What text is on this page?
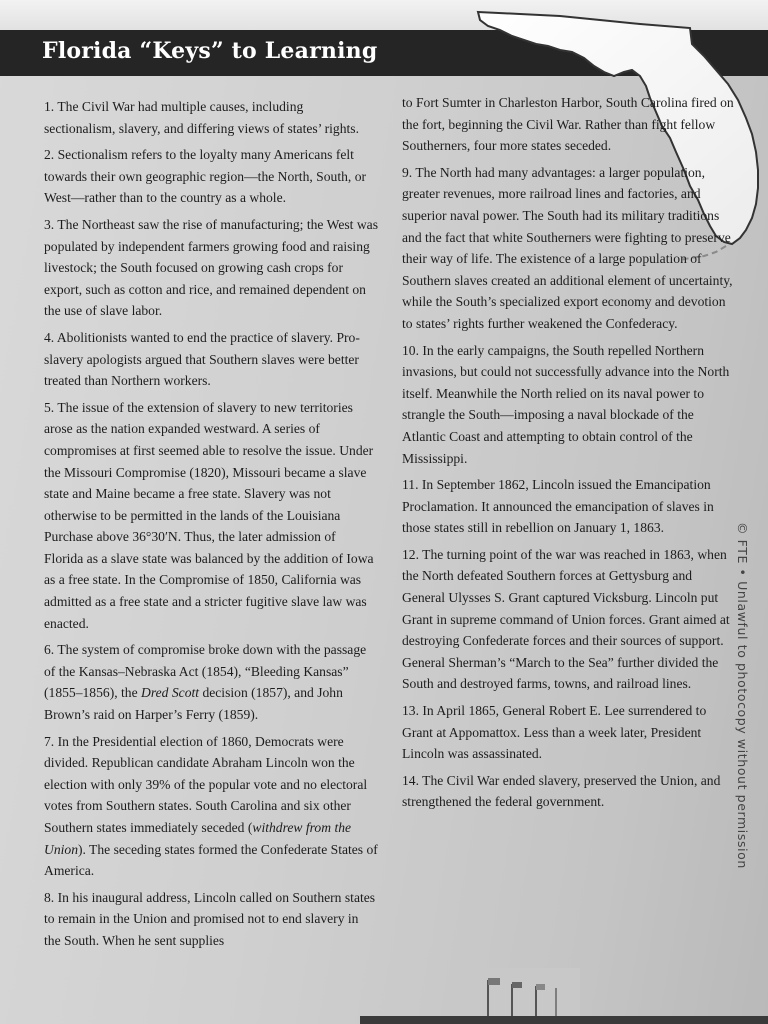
Florida “Keys” to Learning

1. The Civil War had multiple causes, including sectionalism, slavery, and differing views of states’ rights.

2. Sectionalism refers to the loyalty many Americans felt towards their own geographic region—the North, South, or West—rather than to the country as a whole.

3. The Northeast saw the rise of manufacturing; the West was populated by independent farmers growing food and raising livestock; the South focused on growing cash crops for export, such as cotton and rice, and remained dependent on the use of slave labor.

4. Abolitionists wanted to end the practice of slavery. Pro-slavery apologists argued that Southern slaves were better treated than Northern workers.

5. The issue of the extension of slavery to new territories arose as the nation expanded westward. A series of compromises at first seemed able to resolve the issue. Under the Missouri Compromise (1820), Missouri became a slave state and Maine became a free state. Slavery was not otherwise to be permitted in the lands of the Louisiana Purchase above 36°30′N. Thus, the later admission of Florida as a slave state was balanced by the addition of Iowa as a free state. In the Compromise of 1850, California was admitted as a free state and a stricter fugitive slave law was enacted.

6. The system of compromise broke down with the passage of the Kansas–Nebraska Act (1854), “Bleeding Kansas” (1855–1856), the Dred Scott decision (1857), and John Brown’s raid on Harper’s Ferry (1859).

7. In the Presidential election of 1860, Democrats were divided. Republican candidate Abraham Lincoln won the election with only 39% of the popular vote and no electoral votes from Southern states. South Carolina and six other Southern states immediately seceded (withdrew from the Union). The seceding states formed the Confederate States of America.

8. In his inaugural address, Lincoln called on Southern states to remain in the Union and promised not to end slavery in the South. When he sent supplies

to Fort Sumter in Charleston Harbor, South Carolina fired on the fort, beginning the Civil War. Rather than fight fellow Southerners, four more states seceded.

9. The North had many advantages: a larger population, greater revenues, more railroad lines and factories, and superior naval power. The South had its military traditions and the fact that white Southerners were fighting to preserve their way of life. The existence of a large population of Southern slaves created an additional element of uncertainty, while the South’s specialized export economy and devotion to states’ rights further weakened the Confederacy.

10. In the early campaigns, the South repelled Northern invasions, but could not successfully advance into the North itself. Meanwhile the North relied on its naval power to strangle the South—imposing a naval blockade of the Atlantic Coast and attempting to obtain control of the Mississippi.

11. In September 1862, Lincoln issued the Emancipation Proclamation. It announced the emancipation of slaves in those states still in rebellion on January 1, 1863.

12. The turning point of the war was reached in 1863, when the North defeated Southern forces at Gettysburg and General Ulysses S. Grant captured Vicksburg. Lincoln put Grant in supreme command of Union forces. Grant aimed at destroying Confederate forces and their sources of support. General Sherman’s “March to the Sea” further divided the South and destroyed farms, towns, and railroad lines.

13. In April 1865, General Robert E. Lee surrendered to Grant at Appomattox. Less than a week later, President Lincoln was assassinated.

14. The Civil War ended slavery, preserved the Union, and strengthened the federal government.	© FTE • Unlawful to photocopy without permission
